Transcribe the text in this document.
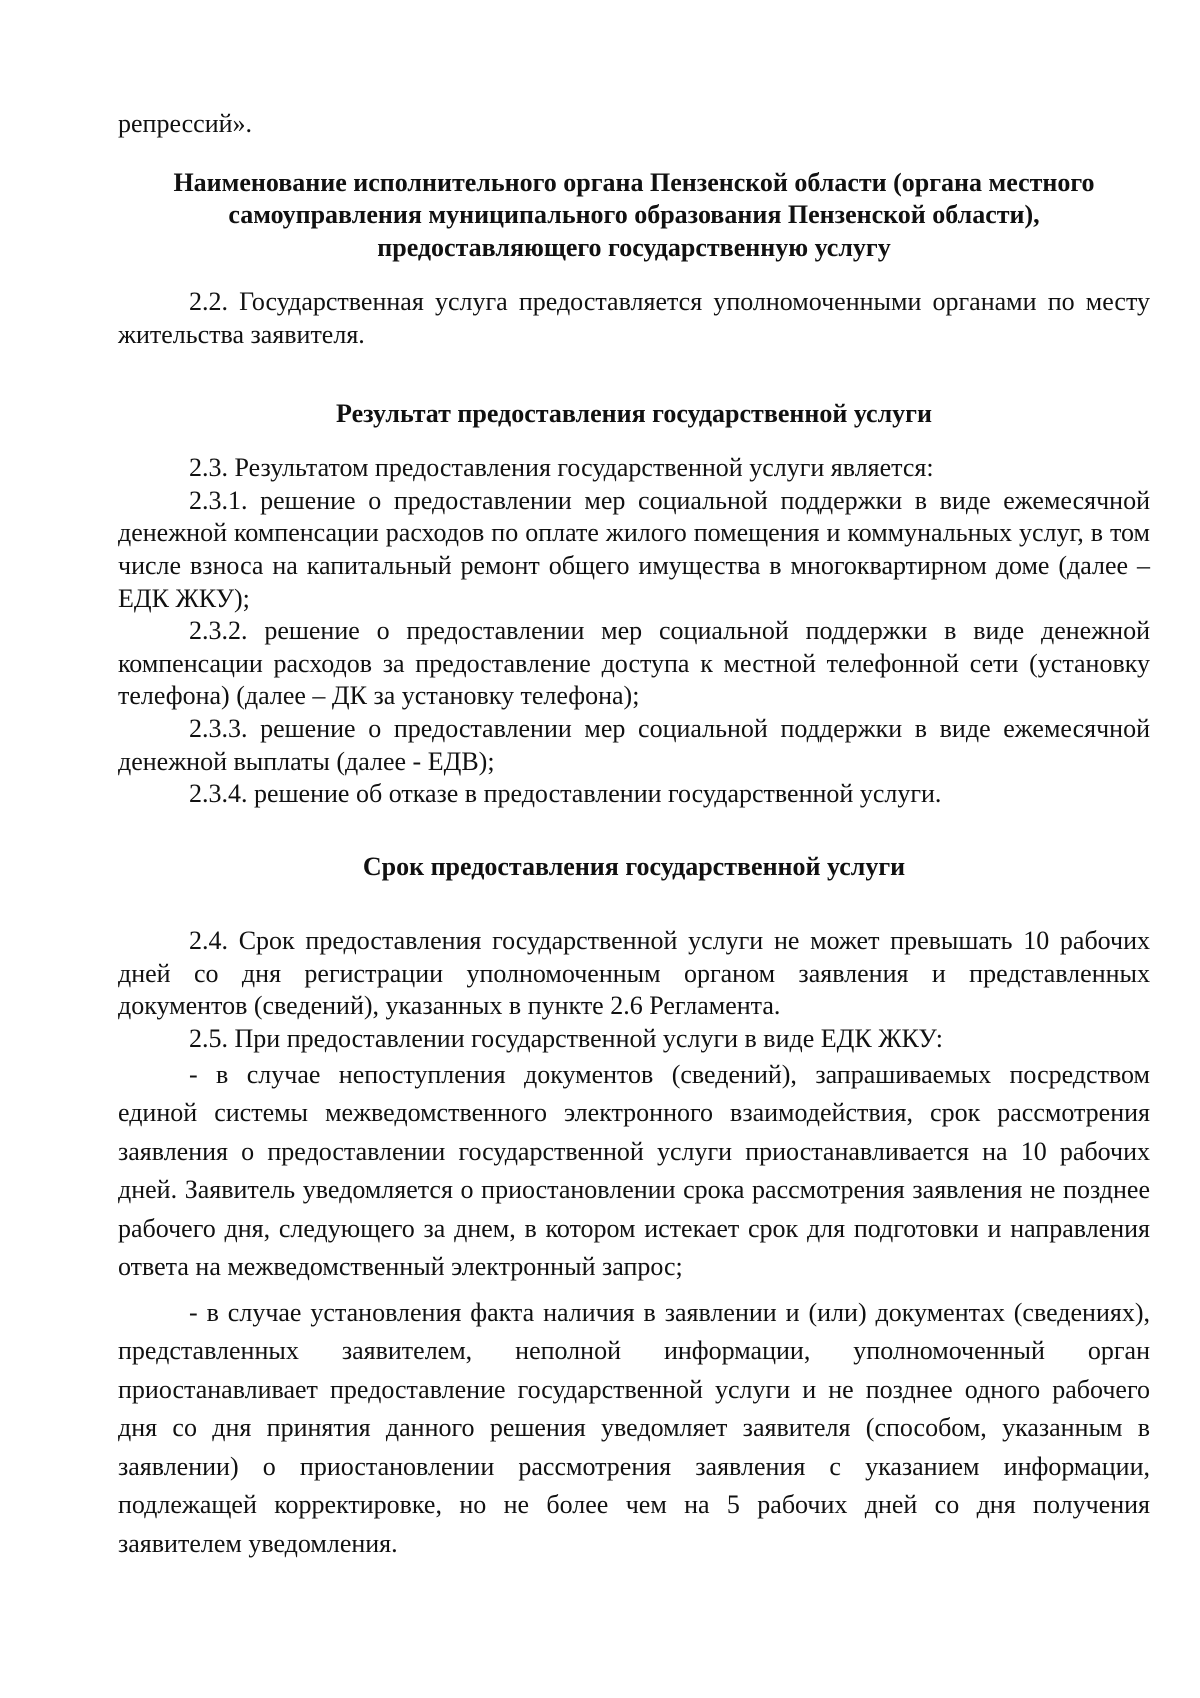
репрессий».

Наименование исполнительного органа Пензенской области (органа местного самоуправления муниципального образования Пензенской области), предоставляющего государственную услугу

2.2. Государственная услуга предоставляется уполномоченными органами по месту жительства заявителя.

Результат предоставления государственной услуги

2.3. Результатом предоставления государственной услуги является:

2.3.1. решение о предоставлении мер социальной поддержки в виде ежемесячной денежной компенсации расходов по оплате жилого помещения и коммунальных услуг, в том числе взноса на капитальный ремонт общего имущества в многоквартирном доме (далее – ЕДК ЖКУ);

2.3.2. решение о предоставлении мер социальной поддержки в виде денежной компенсации расходов за предоставление доступа к местной телефонной сети (установку телефона) (далее – ДК за установку телефона);

2.3.3. решение о предоставлении мер социальной поддержки в виде ежемесячной денежной выплаты (далее - ЕДВ);

2.3.4. решение об отказе в предоставлении государственной услуги.

Срок предоставления государственной услуги

2.4. Срок предоставления государственной услуги не может превышать 10 рабочих дней со дня регистрации уполномоченным органом заявления и представленных документов (сведений), указанных в пункте 2.6 Регламента.

2.5. При предоставлении государственной услуги в виде ЕДК ЖКУ:

- в случае непоступления документов (сведений), запрашиваемых посредством единой системы межведомственного электронного взаимодействия, срок рассмотрения заявления о предоставлении государственной услуги приостанавливается на 10 рабочих дней. Заявитель уведомляется о приостановлении срока рассмотрения заявления не позднее рабочего дня, следующего за днем, в котором истекает срок для подготовки и направления ответа на межведомственный электронный запрос;

- в случае установления факта наличия в заявлении и (или) документах (сведениях), представленных заявителем, неполной информации, уполномоченный орган приостанавливает предоставление государственной услуги и не позднее одного рабочего дня со дня принятия данного решения уведомляет заявителя (способом, указанным в заявлении) о приостановлении рассмотрения заявления с указанием информации, подлежащей корректировке, но не более чем на 5 рабочих дней со дня получения заявителем уведомления.
